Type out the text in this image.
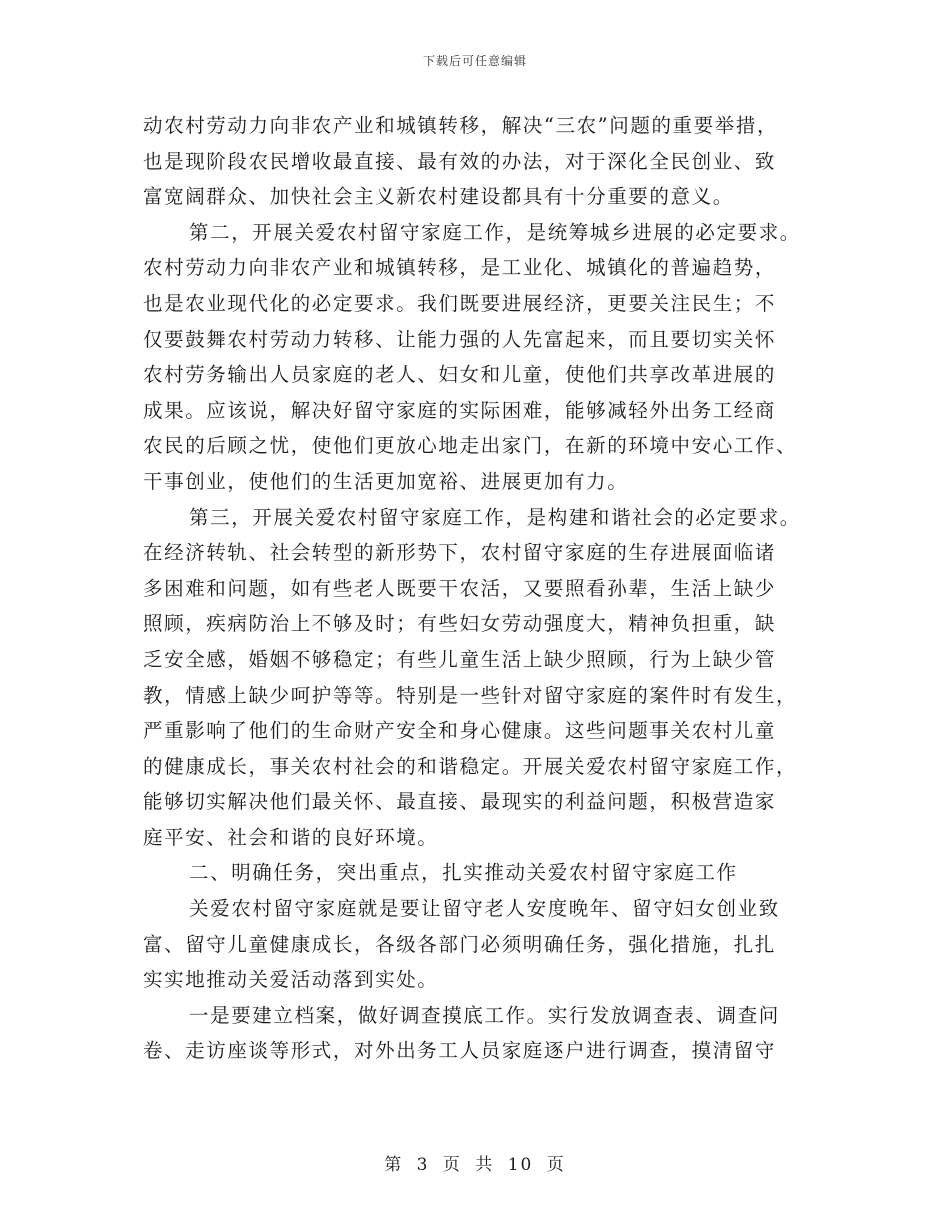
下载后可任意编辑
动农村劳动力向非农产业和城镇转移，解决“三农”问题的重要举措，
也是现阶段农民增收最直接、最有效的办法，对于深化全民创业、致
富宽阔群众、加快社会主义新农村建设都具有十分重要的意义。
第二，开展关爱农村留守家庭工作，是统筹城乡进展的必定要求。
农村劳动力向非农产业和城镇转移，是工业化、城镇化的普遍趋势，
也是农业现代化的必定要求。我们既要进展经济，更要关注民生；不
仅要鼓舞农村劳动力转移、让能力强的人先富起来，而且要切实关怀
农村劳务输出人员家庭的老人、妇女和儿童，使他们共享改革进展的
成果。应该说，解决好留守家庭的实际困难，能够减轻外出务工经商
农民的后顾之忧，使他们更放心地走出家门，在新的环境中安心工作、
干事创业，使他们的生活更加宽裕、进展更加有力。
第三，开展关爱农村留守家庭工作，是构建和谐社会的必定要求。
在经济转轨、社会转型的新形势下，农村留守家庭的生存进展面临诸
多困难和问题，如有些老人既要干农活，又要照看孙辈，生活上缺少
照顾，疾病防治上不够及时；有些妇女劳动强度大，精神负担重，缺
乏安全感，婚姻不够稳定；有些儿童生活上缺少照顾，行为上缺少管
教，情感上缺少呵护等等。特别是一些针对留守家庭的案件时有发生，
严重影响了他们的生命财产安全和身心健康。这些问题事关农村儿童
的健康成长，事关农村社会的和谐稳定。开展关爱农村留守家庭工作，
能够切实解决他们最关怀、最直接、最现实的利益问题，积极营造家
庭平安、社会和谐的良好环境。
二、明确任务，突出重点，扎实推动关爱农村留守家庭工作
关爱农村留守家庭就是要让留守老人安度晚年、留守妇女创业致
富、留守儿童健康成长，各级各部门必须明确任务，强化措施，扎扎
实实地推动关爱活动落到实处。
一是要建立档案，做好调查摸底工作。实行发放调查表、调查问
卷、走访座谈等形式，对外出务工人员家庭逐户进行调查，摸清留守
第 3 页 共 10 页
